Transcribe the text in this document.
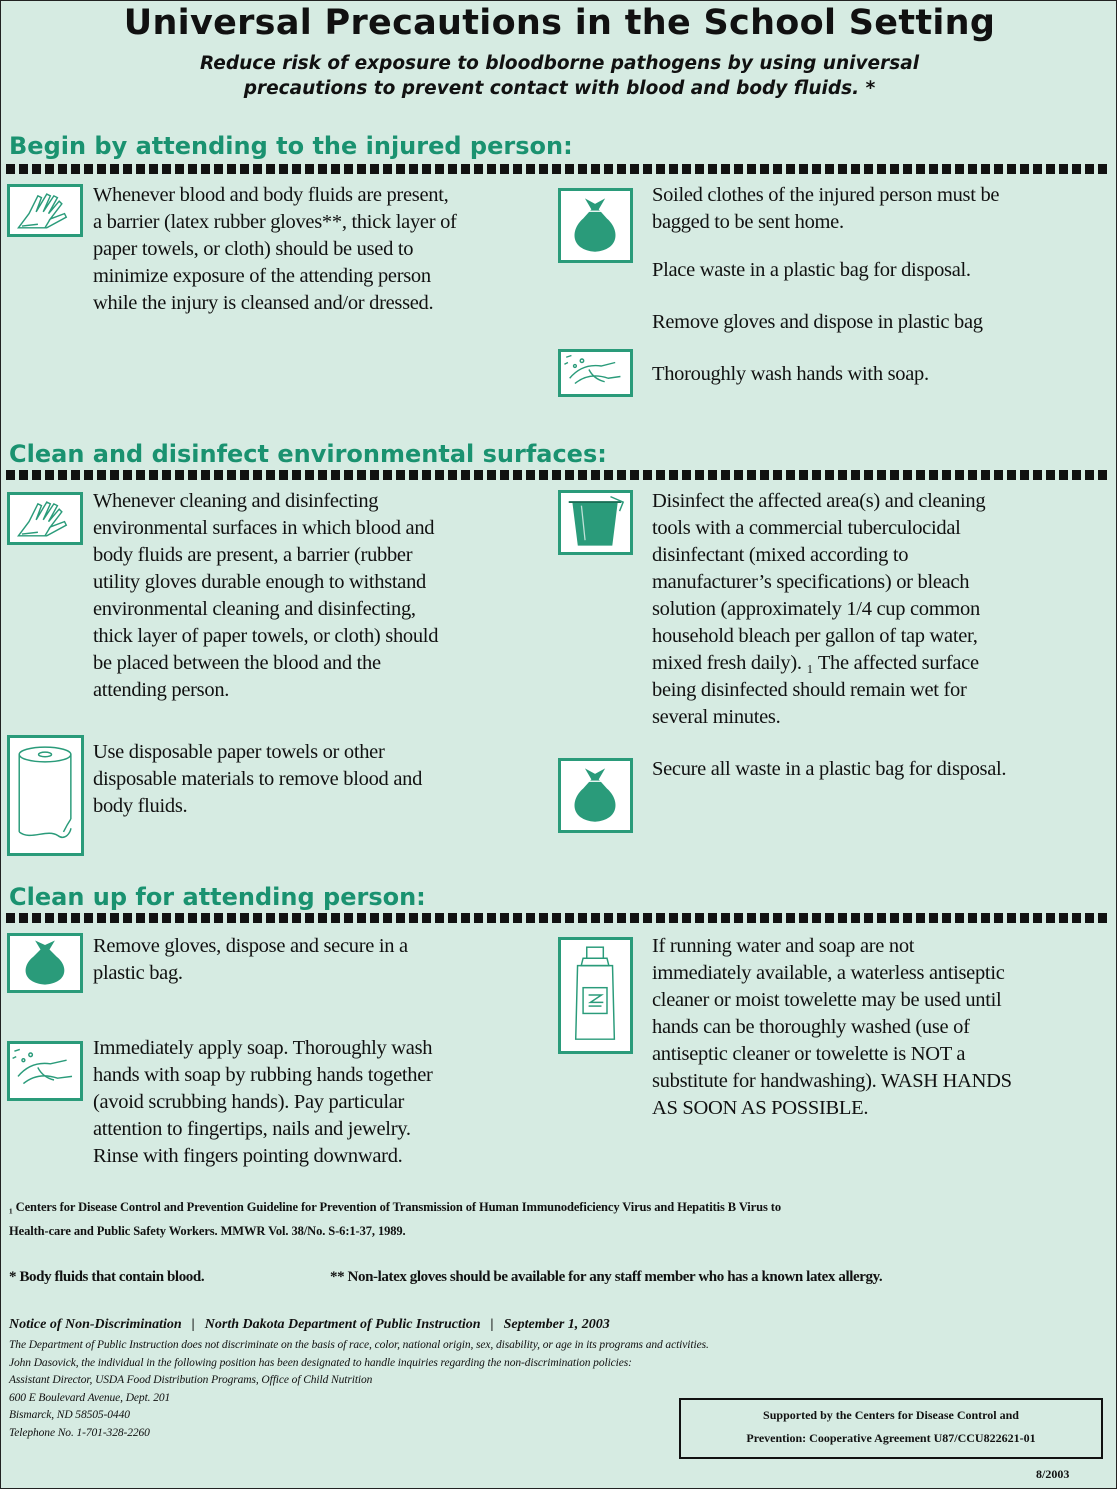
Universal Precautions in the School Setting
Reduce risk of exposure to bloodborne pathogens by using universal
precautions to prevent contact with blood and body fluids. *
Begin by attending to the injured person:
Whenever blood and body fluids are present,
a barrier (latex rubber gloves**, thick layer of
paper towels, or cloth) should be used to
minimize exposure of the attending person
while the injury is cleansed and/or dressed.
Soiled clothes of the injured person must be
bagged to be sent home.
Place waste in a plastic bag for disposal.
Remove gloves and dispose in plastic bag
Thoroughly wash hands with soap.
Clean and disinfect environmental surfaces:
Whenever cleaning and disinfecting
environmental surfaces in which blood and
body fluids are present, a barrier (rubber
utility gloves durable enough to withstand
environmental cleaning and disinfecting,
thick layer of paper towels, or cloth) should
be placed between the blood and the
attending person.
Use disposable paper towels or other
disposable materials to remove blood and
body fluids.
Disinfect the affected area(s) and cleaning
tools with a commercial tuberculocidal
disinfectant (mixed according to
manufacturer’s specifications) or bleach
solution (approximately 1/4 cup common
household bleach per gallon of tap water,
mixed fresh daily). ₁ The affected surface
being disinfected should remain wet for
several minutes.
Secure all waste in a plastic bag for disposal.
Clean up for attending person:
Remove gloves, dispose and secure in a
plastic bag.
Immediately apply soap. Thoroughly wash
hands with soap by rubbing hands together
(avoid scrubbing hands). Pay particular
attention to fingertips, nails and jewelry.
Rinse with fingers pointing downward.
If running water and soap are not
immediately available, a waterless antiseptic
cleaner or moist towelette may be used until
hands can be thoroughly washed (use of
antiseptic cleaner or towelette is NOT a
substitute for handwashing). WASH HANDS
AS SOON AS POSSIBLE.
₁ Centers for Disease Control and Prevention Guideline for Prevention of Transmission of Human Immunodeficiency Virus and Hepatitis B Virus to
Health-care and Public Safety Workers. MMWR Vol. 38/No. S-6:1-37, 1989.
* Body fluids that contain blood.	** Non-latex gloves should be available for any staff member who has a known latex allergy.
Notice of Non-Discrimination | North Dakota Department of Public Instruction | September 1, 2003
The Department of Public Instruction does not discriminate on the basis of race, color, national origin, sex, disability, or age in its programs and activities.
John Dasovick, the individual in the following position has been designated to handle inquiries regarding the non-discrimination policies:
Assistant Director, USDA Food Distribution Programs, Office of Child Nutrition
600 E Boulevard Avenue, Dept. 201
Bismarck, ND 58505-0440
Telephone No. 1-701-328-2260
Supported by the Centers for Disease Control and
Prevention: Cooperative Agreement U87/CCU822621-01
8/2003
